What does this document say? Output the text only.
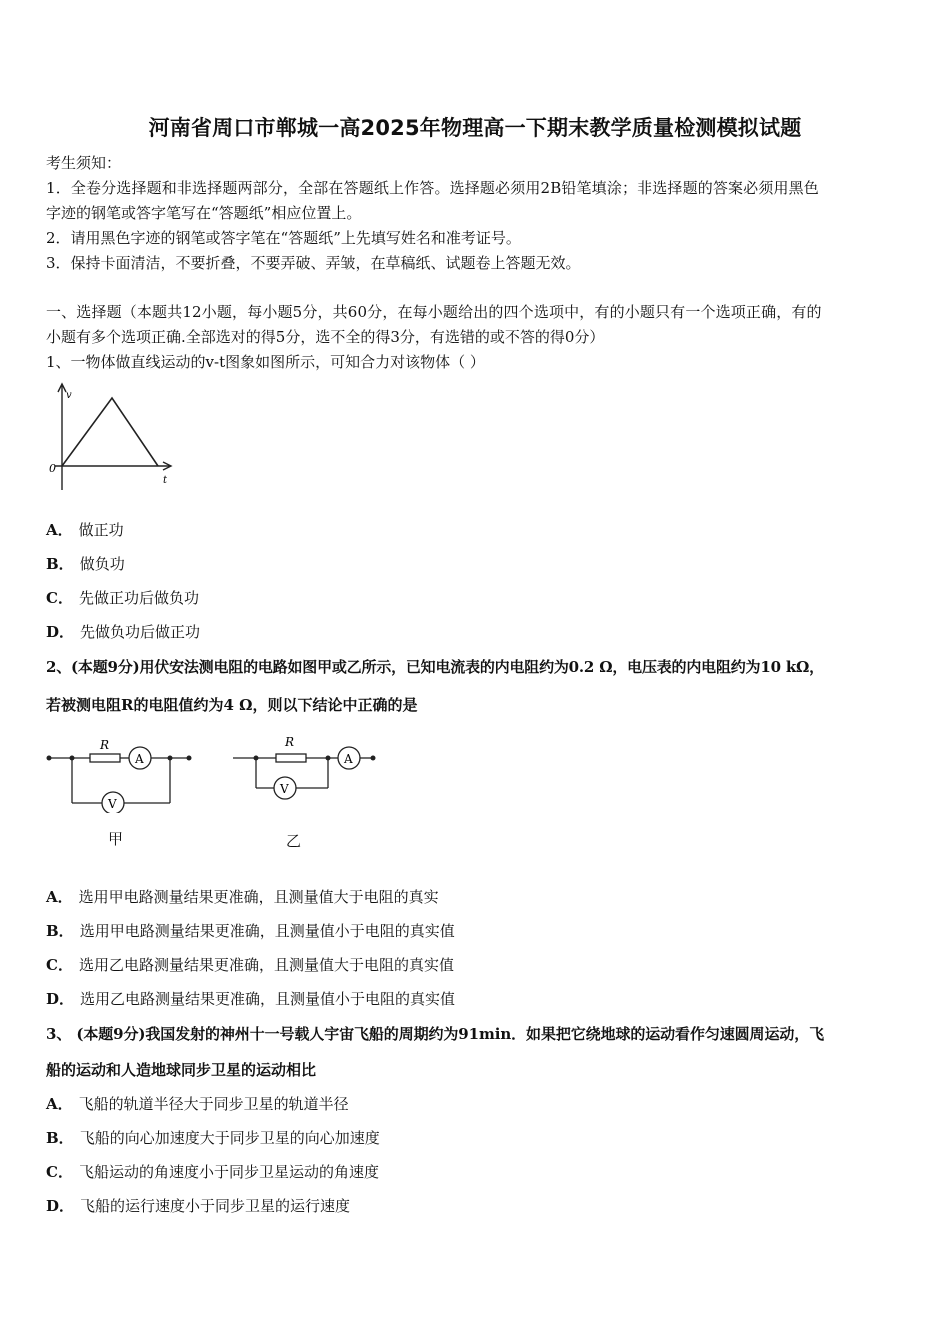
河南省周口市郸城一高2025年物理高一下期末教学质量检测模拟试题
考生须知：
1．全卷分选择题和非选择题两部分，全部在答题纸上作答。选择题必须用2B铅笔填涂；非选择题的答案必须用黑色
字迹的钢笔或答字笔写在“答题纸”相应位置上。
2．请用黑色字迹的钢笔或答字笔在“答题纸”上先填写姓名和准考证号。
3．保持卡面清洁，不要折叠，不要弄破、弄皱，在草稿纸、试题卷上答题无效。
一、选择题（本题共12小题，每小题5分，共60分，在每小题给出的四个选项中，有的小题只有一个选项正确，有的
小题有多个选项正确.全部选对的得5分，选不全的得3分，有选错的或不答的得0分）
1、一物体做直线运动的v-t图象如图所示，可知合力对该物体（ ）
v
t
0
A． 做正功
B． 做负功
C． 先做正功后做负功
D． 先做负功后做正功
2、(本题9分)用伏安法测电阻的电路如图甲或乙所示，已知电流表的内电阻约为0.2 Ω，电压表的内电阻约为10 kΩ，
若被测电阻R的电阻值约为4 Ω，则以下结论中正确的是
R
A
V
甲
R
A
V
乙
A． 选用甲电路测量结果更准确，且测量值大于电阻的真实
B． 选用甲电路测量结果更准确，且测量值小于电阻的真实值
C． 选用乙电路测量结果更准确，且测量值大于电阻的真实值
D． 选用乙电路测量结果更准确，且测量值小于电阻的真实值
3、 (本题9分)我国发射的神州十一号载人宇宙飞船的周期约为91min．如果把它绕地球的运动看作匀速圆周运动，飞
船的运动和人造地球同步卫星的运动相比
A． 飞船的轨道半径大于同步卫星的轨道半径
B． 飞船的向心加速度大于同步卫星的向心加速度
C． 飞船运动的角速度小于同步卫星运动的角速度
D． 飞船的运行速度小于同步卫星的运行速度
